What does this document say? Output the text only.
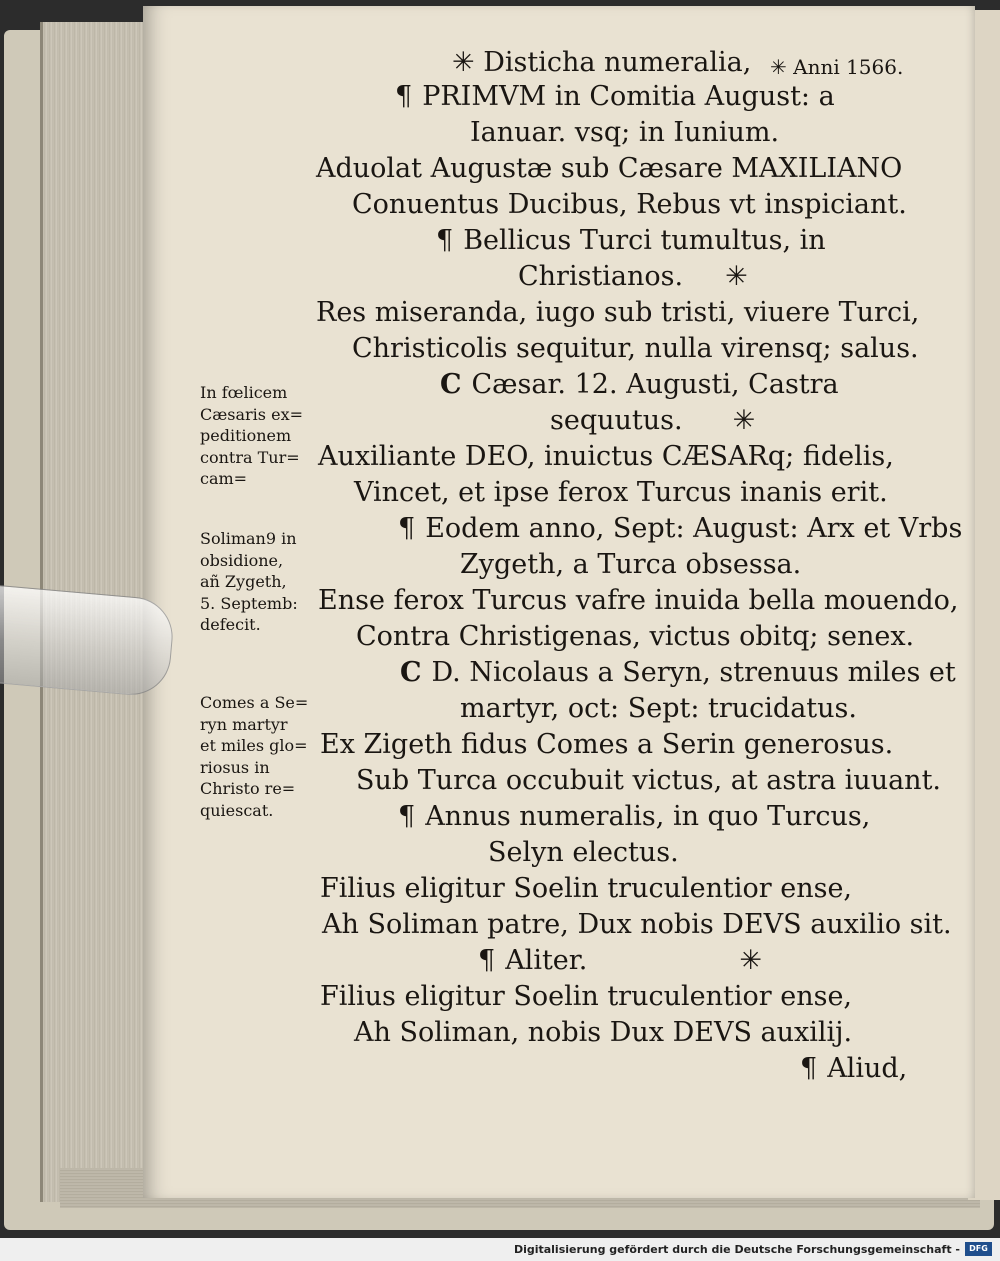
✳ Disticha numeralia, ✳ Anni 1566.
¶ PRIMVM in Comitia August: a
Ianuar. vsq; in Iunium.
Aduolat Augustæ sub Cæsare MAXILIANO
Conuentus Ducibus, Rebus vt inspiciant.
¶ Bellicus Turci tumultus, in
Christianos. ✳
Res miseranda, iugo sub tristi, viuere Turci,
Christicolis sequitur, nulla virensq; salus.
C Cæsar. 12. Augusti, Castra
sequutus. ✳
Auxiliante DEO, inuictus CÆSARq; fidelis,
Vincet, et ipse ferox Turcus inanis erit.
¶ Eodem anno, Sept: August: Arx et Vrbs
Zygeth, a Turca obsessa.
Ense ferox Turcus vafre inuida bella mouendo,
Contra Christigenas, victus obitq; senex.
C D. Nicolaus a Seryn, strenuus miles et
martyr, oct: Sept: trucidatus.
Ex Zigeth fidus Comes a Serin generosus.
Sub Turca occubuit victus, at astra iuuant.
¶ Annus numeralis, in quo Turcus,
Selyn electus.
Filius eligitur Soelin truculentior ense,
Ah Soliman patre, Dux nobis DEVS auxilio sit.
¶ Aliter.	✳
Filius eligitur Soelin truculentior ense,
Ah Soliman, nobis Dux DEVS auxilij.
¶ Aliud,
In fœlicem
Cæsaris ex=
peditionem
contra Tur=
cam=
Soliman9 in
obsidione,
añ Zygeth,
5. Septemb:
defecit.
Comes a Se=
ryn martyr
et miles glo=
riosus in
Christo re=
quiescat.
Digitalisierung gefördert durch die Deutsche Forschungsgemeinschaft -	DFG
